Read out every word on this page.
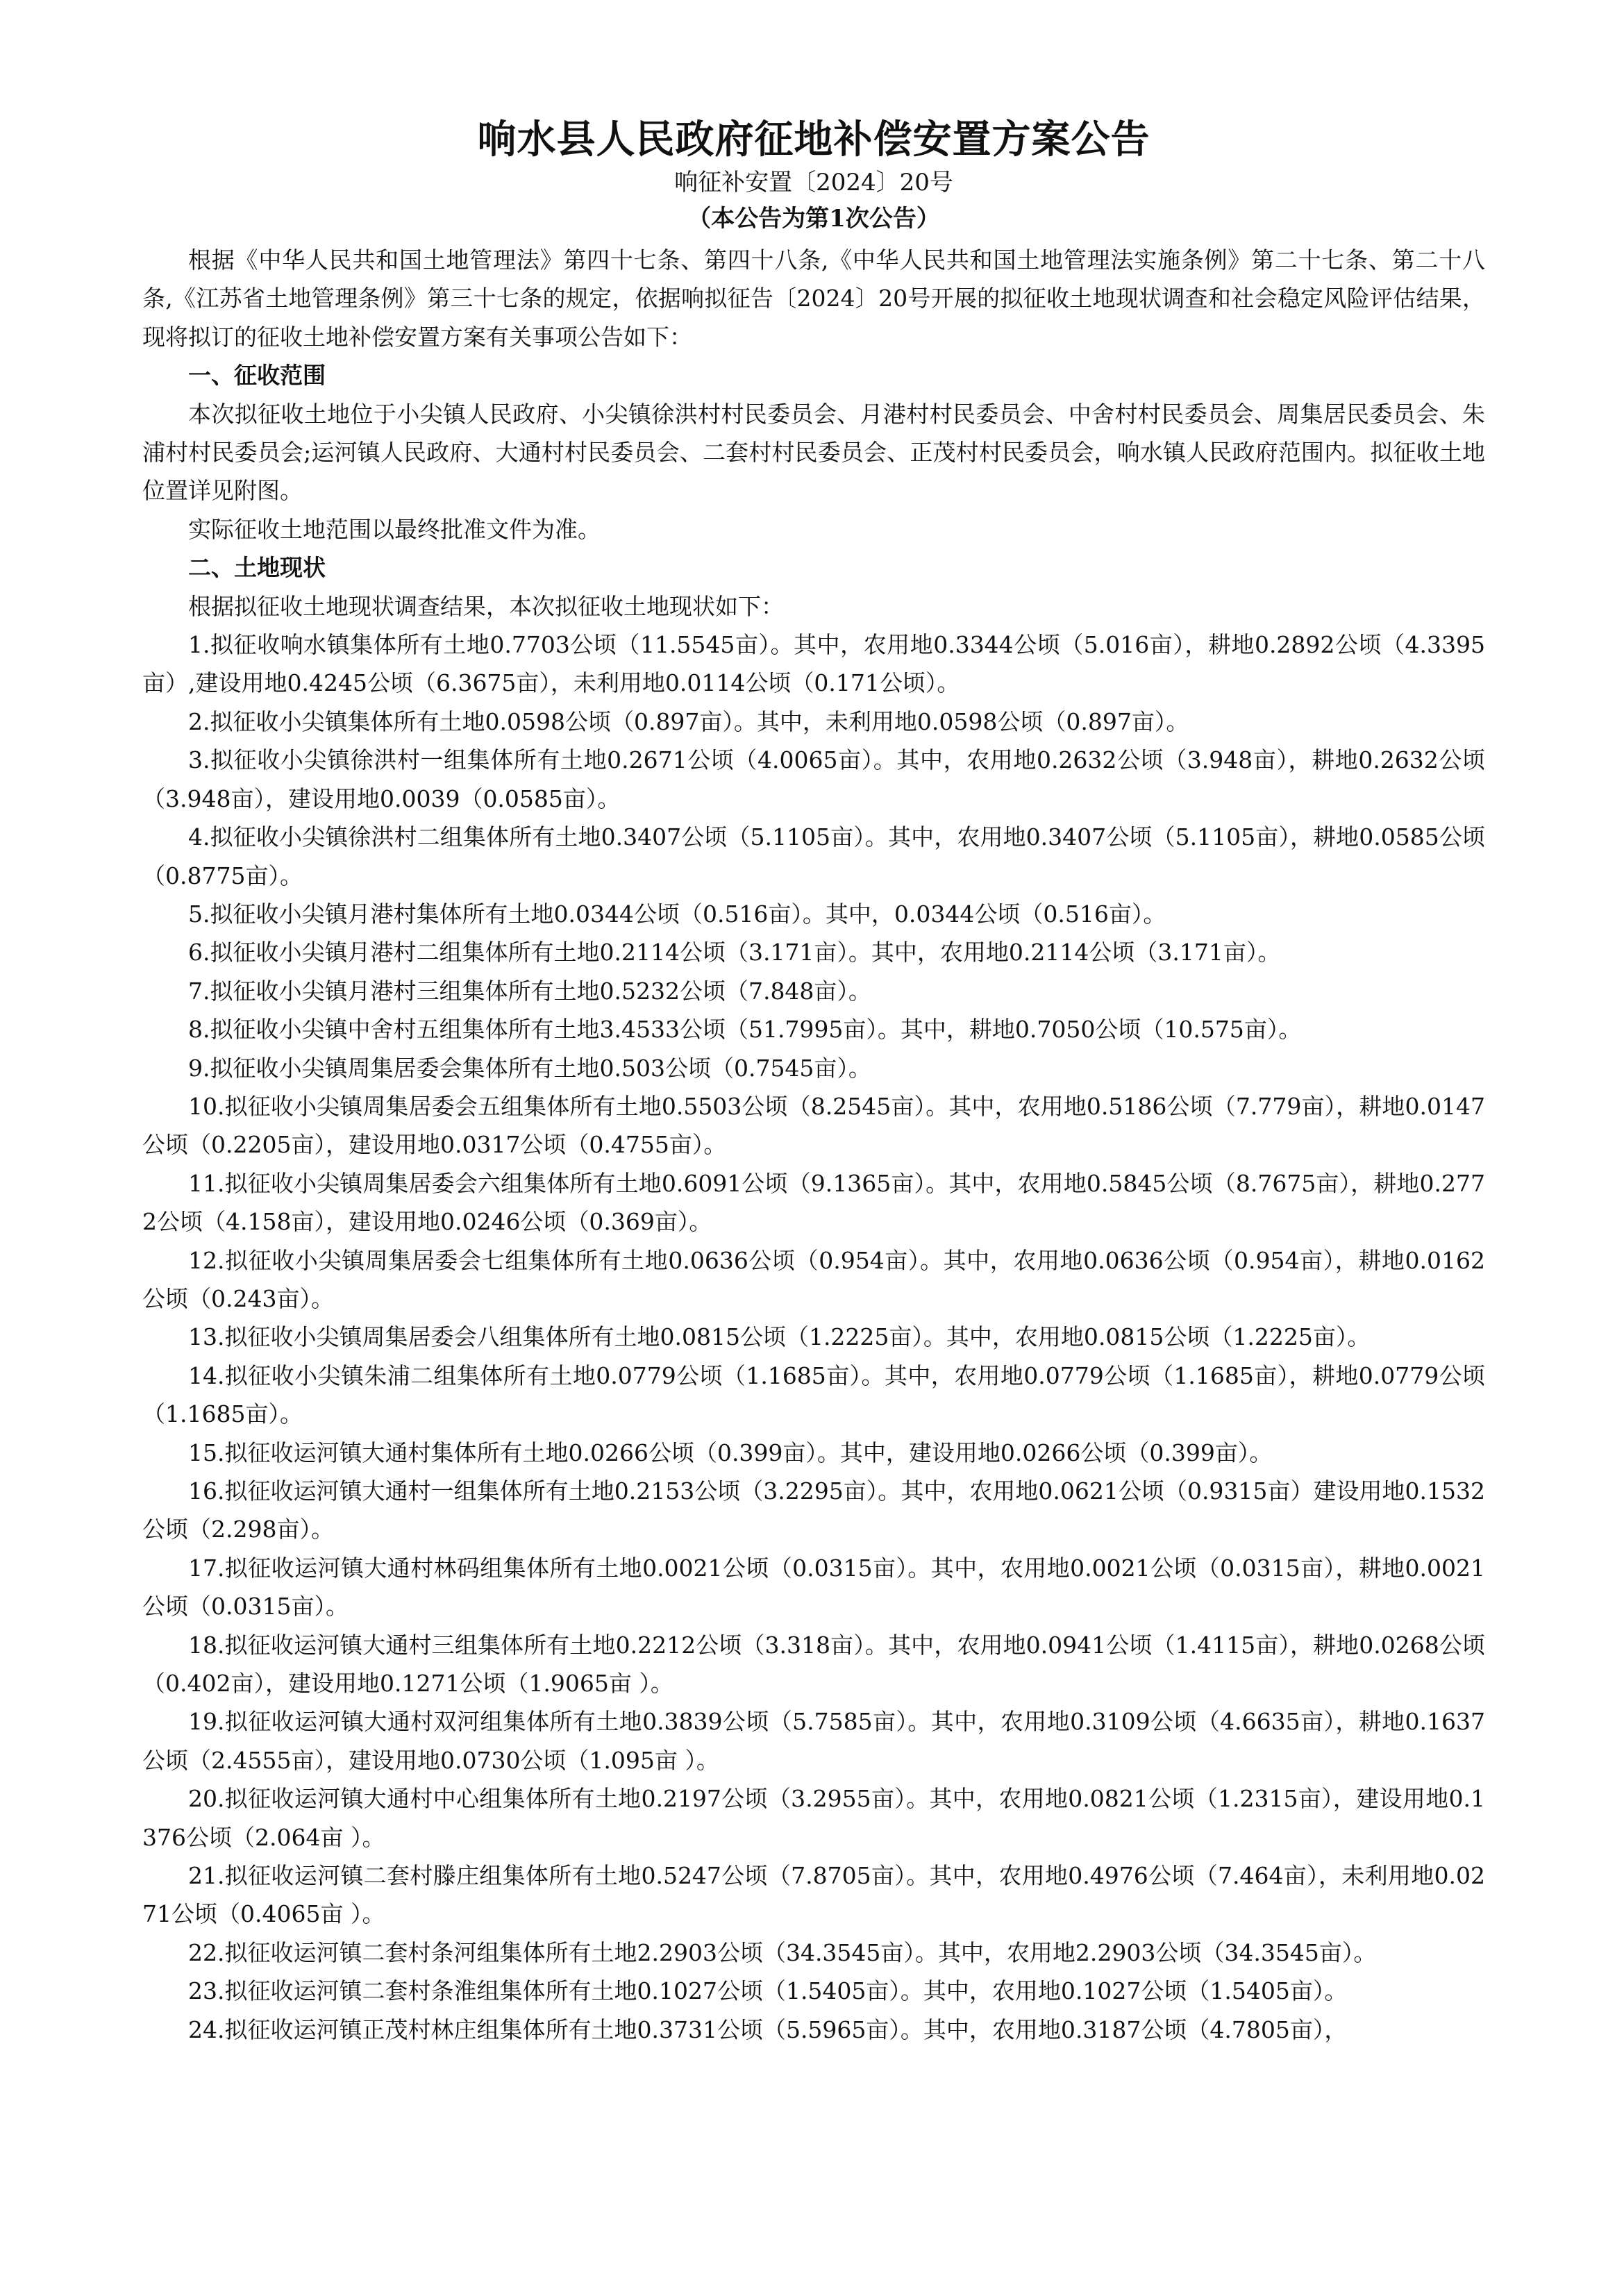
响水县人民政府征地补偿安置方案公告

响征补安置〔2024〕20号

（本公告为第1次公告）

根据《中华人民共和国土地管理法》第四十七条、第四十八条,《中华人民共和国土地管理法实施条例》第二十七条、第二十八条,《江苏省土地管理条例》第三十七条的规定，依据响拟征告〔2024〕20号开展的拟征收土地现状调查和社会稳定风险评估结果，现将拟订的征收土地补偿安置方案有关事项公告如下：

一、征收范围

本次拟征收土地位于小尖镇人民政府、小尖镇徐洪村村民委员会、月港村村民委员会、中舍村村民委员会、周集居民委员会、朱浦村村民委员会;运河镇人民政府、大通村村民委员会、二套村村民委员会、正茂村村民委员会，响水镇人民政府范围内。拟征收土地位置详见附图。

实际征收土地范围以最终批准文件为准。

二、土地现状

根据拟征收土地现状调查结果，本次拟征收土地现状如下：

1.拟征收响水镇集体所有土地0.7703公顷（11.5545亩）。其中，农用地0.3344公顷（5.016亩），耕地0.2892公顷（4.3395亩）,建设用地0.4245公顷（6.3675亩），未利用地0.0114公顷（0.171公顷）。

2.拟征收小尖镇集体所有土地0.0598公顷（0.897亩）。其中，未利用地0.0598公顷（0.897亩）。

3.拟征收小尖镇徐洪村一组集体所有土地0.2671公顷（4.0065亩）。其中，农用地0.2632公顷（3.948亩），耕地0.2632公顷（3.948亩），建设用地0.0039（0.0585亩）。

4.拟征收小尖镇徐洪村二组集体所有土地0.3407公顷（5.1105亩）。其中，农用地0.3407公顷（5.1105亩），耕地0.0585公顷（0.8775亩）。

5.拟征收小尖镇月港村集体所有土地0.0344公顷（0.516亩）。其中，0.0344公顷（0.516亩）。

6.拟征收小尖镇月港村二组集体所有土地0.2114公顷（3.171亩）。其中，农用地0.2114公顷（3.171亩）。

7.拟征收小尖镇月港村三组集体所有土地0.5232公顷（7.848亩）。

8.拟征收小尖镇中舍村五组集体所有土地3.4533公顷（51.7995亩）。其中，耕地0.7050公顷（10.575亩）。

9.拟征收小尖镇周集居委会集体所有土地0.503公顷（0.7545亩）。

10.拟征收小尖镇周集居委会五组集体所有土地0.5503公顷（8.2545亩）。其中，农用地0.5186公顷（7.779亩），耕地0.0147公顷（0.2205亩），建设用地0.0317公顷（0.4755亩）。

11.拟征收小尖镇周集居委会六组集体所有土地0.6091公顷（9.1365亩）。其中，农用地0.5845公顷（8.7675亩），耕地0.2772公顷（4.158亩），建设用地0.0246公顷（0.369亩）。

12.拟征收小尖镇周集居委会七组集体所有土地0.0636公顷（0.954亩）。其中，农用地0.0636公顷（0.954亩），耕地0.0162公顷（0.243亩）。

13.拟征收小尖镇周集居委会八组集体所有土地0.0815公顷（1.2225亩）。其中，农用地0.0815公顷（1.2225亩）。

14.拟征收小尖镇朱浦二组集体所有土地0.0779公顷（1.1685亩）。其中，农用地0.0779公顷（1.1685亩），耕地0.0779公顷（1.1685亩）。

15.拟征收运河镇大通村集体所有土地0.0266公顷（0.399亩）。其中，建设用地0.0266公顷（0.399亩）。

16.拟征收运河镇大通村一组集体所有土地0.2153公顷（3.2295亩）。其中，农用地0.0621公顷（0.9315亩）建设用地0.1532公顷（2.298亩）。

17.拟征收运河镇大通村林码组集体所有土地0.0021公顷（0.0315亩）。其中，农用地0.0021公顷（0.0315亩），耕地0.0021公顷（0.0315亩）。

18.拟征收运河镇大通村三组集体所有土地0.2212公顷（3.318亩）。其中，农用地0.0941公顷（1.4115亩），耕地0.0268公顷（0.402亩），建设用地0.1271公顷（1.9065亩 ）。

19.拟征收运河镇大通村双河组集体所有土地0.3839公顷（5.7585亩）。其中，农用地0.3109公顷（4.6635亩），耕地0.1637公顷（2.4555亩），建设用地0.0730公顷（1.095亩 ）。

20.拟征收运河镇大通村中心组集体所有土地0.2197公顷（3.2955亩）。其中，农用地0.0821公顷（1.2315亩），建设用地0.1376公顷（2.064亩 ）。

21.拟征收运河镇二套村滕庄组集体所有土地0.5247公顷（7.8705亩）。其中，农用地0.4976公顷（7.464亩），未利用地0.0271公顷（0.4065亩 ）。

22.拟征收运河镇二套村条河组集体所有土地2.2903公顷（34.3545亩）。其中，农用地2.2903公顷（34.3545亩）。

23.拟征收运河镇二套村条淮组集体所有土地0.1027公顷（1.5405亩）。其中，农用地0.1027公顷（1.5405亩）。

24.拟征收运河镇正茂村林庄组集体所有土地0.3731公顷（5.5965亩）。其中，农用地0.3187公顷（4.7805亩），
